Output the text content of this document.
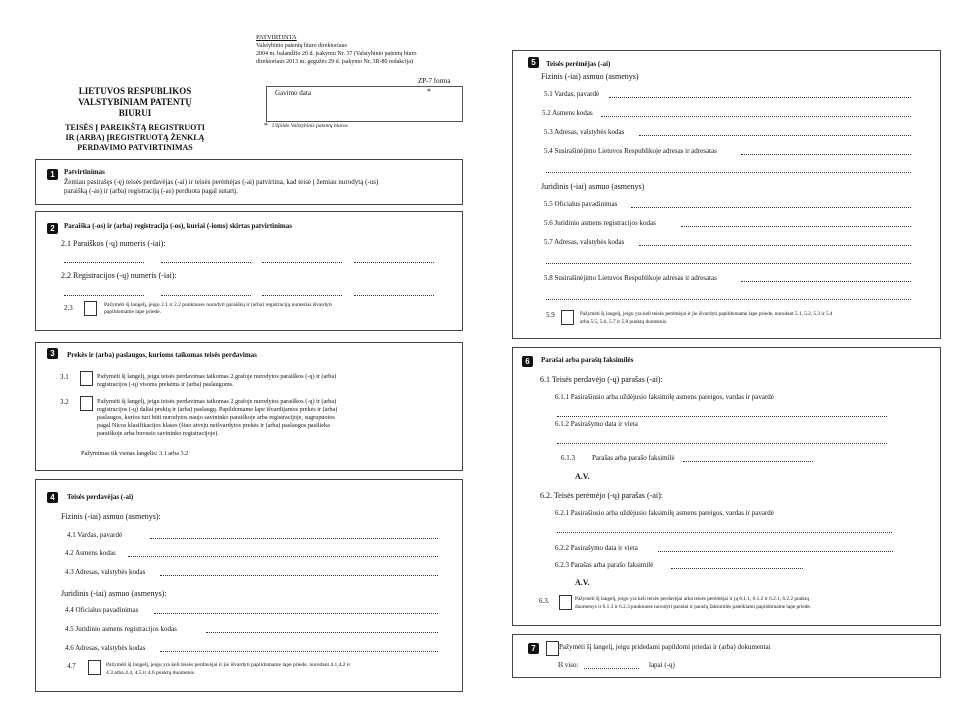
PATVIRTINTA
Valstybinio patentų biuro direktoriaus
2004 m. balandžio 20 d. įsakymu Nr. 37 (Valstybinio patentų biuro
direktoriaus 2013 m. gegužės 29 d. įsakymo Nr. 3R-80 redakcija)
LIETUVOS RESPUBLIKOS
VALSTYBINIAM PATENTŲ
BIURUI
TEISĖS Į PAREIKŠTĄ REGISTRUOTI
IR (ARBA) ĮREGISTRUOTĄ ŽENKLĄ
PERDAVIMO PATVIRTINIMAS
ZP-7 forma
Gavimo data	*
* Užpildo Valstybinis patentų biuras
1	Patvirtinimas
Žemiau pasirašęs (-ę) teisės perdavėjas (-ai) ir teisės perėmėjas (-ai) patvirtina, kad teisė į žemiau nurodytą (-us)
paraišką (-as) ir (arba) registraciją (-as) perduota pagal sutartį.
2	Paraiška (-os) ir (arba) registracija (-os), kuriai (-ioms) skirtas patvirtinimas
2.1 Paraiškos (-ų) numeris (-iai):
2.2 Registracijos (-ų) numeris (-iai):
2.3	Pažymėti šį langelį, jeigu 2.1 ir 2.2 punktuose nurodyti paraiškų ir (arba) registracijų numeriai išvardyti
papildomame lape priede.
3	Prekės ir (arba) paslaugos, kurioms taikomas teisės perdavimas
3.1	Pažymėti šį langelį, jeigu teisės perdavimas taikomas 2 grafoje nurodytos paraiškos (-ų) ir (arba)
registracijos (-ų) visoms prekėms ir (arba) paslaugoms.
3.2	Pažymėti šį langelį, jeigu teisės perdavimas taikomas 2 grafoje nurodytos paraiškos (-ų) ir (arba)
registracijos (-ų) daliai prekių ir (arba) paslaugų. Papildomame lape išvardijamos prekės ir (arba)
paslaugos, kurios turi būti nurodytos naujo savininko paraiškoje arba registracijoje, sugrupuotos
pagal Nicos klasifikacijos klases (šiuo atveju neišvardytos prekės ir (arba) paslaugos pasilieka
paraiškoje arba buvusio savininko registracijoje).
Pažymimas tik vienas langelis: 3.1 arba 3.2
4	Teisės perdavėjas (-ai)
Fizinis (-iai) asmuo (asmenys):
4.1 Vardas, pavardė
4.2 Asmens kodas
4.3 Adresas, valstybės kodas
Juridinis (-iai) asmuo (asmenys):
4.4 Oficialus pavadinimas
4.5 Juridinio asmens registracijos kodas
4.6 Adresas, valstybės kodas
4.7	Pažymėti šį langelį, jeigu yra keli teisės perdavėjai ir jie išvardyti papildomame lape priede, nurodant 4.1,4.2 ir
4.3 arba 4.4, 4.5 ir 4.6 punktų duomenis.
5	Teisės perėmėjas (-ai)
Fizinis (-iai) asmuo (asmenys)
5.1 Vardas, pavardė
5.2 Asmens kodas
5.3 Adresas, valstybės kodas
5.4 Susirašinėjimo Lietuvos Respublikoje adresas ir adresatas
Juridinis (-iai) asmuo (asmenys)
5.5 Oficialus pavadinimas
5.6 Juridinio asmens registracijos kodas
5.7 Adresas, valstybės kodas
5.8 Susirašinėjimo Lietuvos Respublikoje adresas ir adresatas
5.9	Pažymėti šį langelį, jeigu yra keli teisės perėmėjai ir jie išvardyti papildomame lape priede, nurodant 5.1, 5.2, 5.3 ir 5.4
arba 5.5, 5.6, 5.7 ir 5.8 punktų duomenis.
6	Parašai arba parašų faksimilės
6.1 Teisės perdavėjo (-ų) parašas (-ai):
6.1.1 Pasirašiusio arba uždėjusio faksimilę asmens pareigos, vardas ir pavardė
6.1.2 Pasirašymo data ir vieta
6.1.3 Parašas arba parašo faksimilė
A.V.
6.2. Teisės perėmėjo (-ų) parašas (-ai):
6.2.1 Pasirašiusio arba uždėjusio faksimilę asmens pareigos, vardas ir pavardė
6.2.2 Pasirašymo data ir vieta
6.2.3 Parašas arba parašo faksimilė
A.V.
6.3.	Pažymėti šį langelį, jeigu yra keli teisės perdavėjai arba teisės perėmėjai ir jų 6.1.1, 6.1.2 ir 6.2.1, 6.2.2 punktų
duomenys ir 6.1.3 ir 6.2.3 punktuose nurodyti parašai ir parašų faksimilės pateikiami papildomame lape priede.
7	Pažymėti šį langelį, jeigu pridedami papildomi priedai ir (arba) dokumentai
Iš viso:	lapai (-ų)
